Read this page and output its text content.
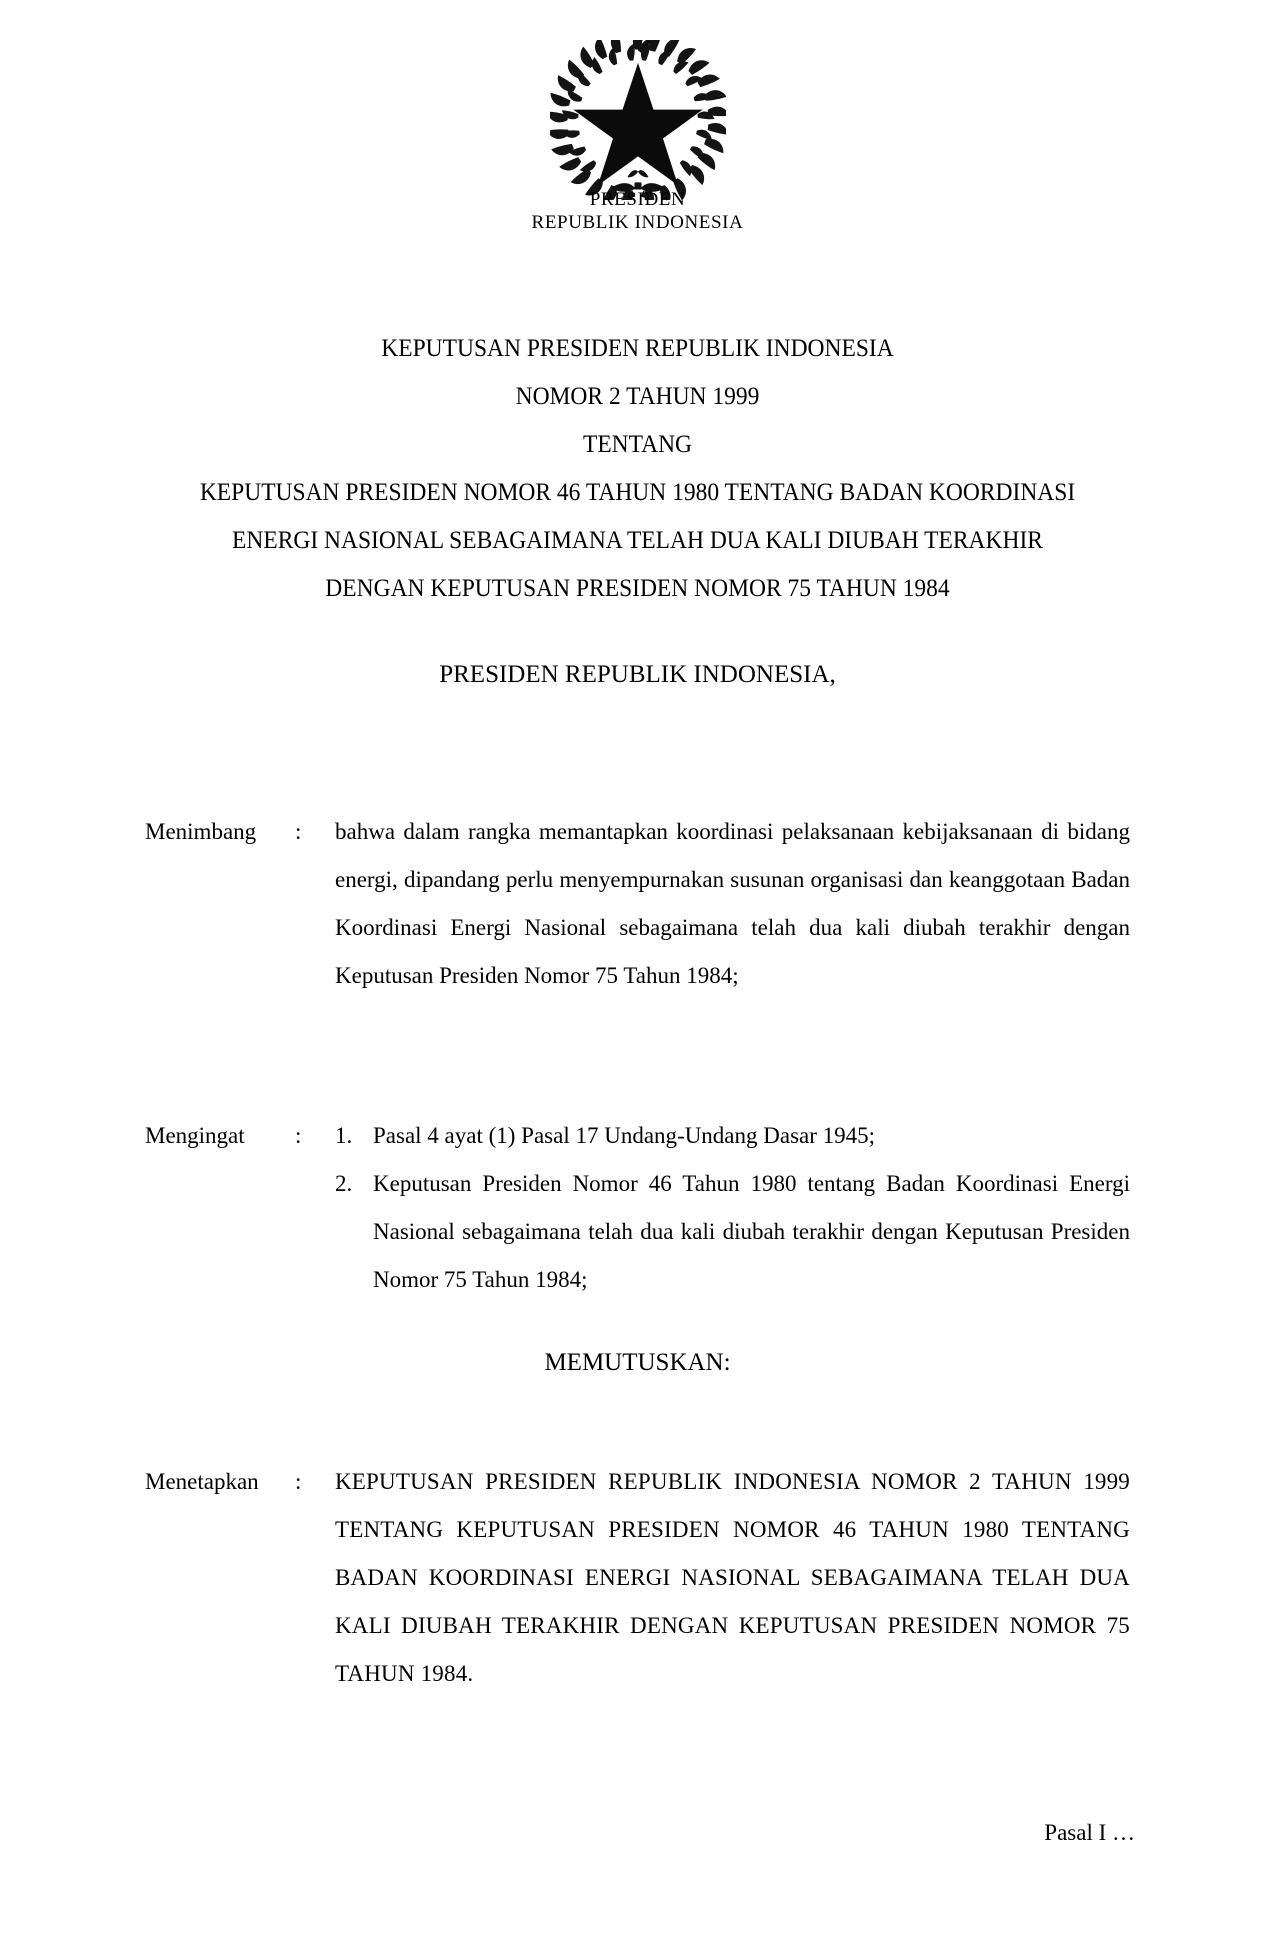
PRESIDEN
REPUBLIK INDONESIA
KEPUTUSAN PRESIDEN REPUBLIK INDONESIA
NOMOR 2 TAHUN 1999
TENTANG
KEPUTUSAN PRESIDEN NOMOR 46 TAHUN 1980 TENTANG BADAN KOORDINASI
ENERGI NASIONAL SEBAGAIMANA TELAH DUA KALI DIUBAH TERAKHIR
DENGAN KEPUTUSAN PRESIDEN NOMOR 75 TAHUN 1984
PRESIDEN REPUBLIK INDONESIA,
Menimbang	:	bahwa dalam rangka memantapkan koordinasi pelaksanaan kebijaksanaan di bidang energi, dipandang perlu menyempurnakan susunan organisasi dan keanggotaan Badan Koordinasi Energi Nasional sebagaimana telah dua kali diubah terakhir dengan Keputusan Presiden Nomor 75 Tahun 1984;
Mengingat	:	1. Pasal 4 ayat (1) Pasal 17 Undang-Undang Dasar 1945;
2. Keputusan Presiden Nomor 46 Tahun 1980 tentang Badan Koordinasi Energi Nasional sebagaimana telah dua kali diubah terakhir dengan Keputusan Presiden Nomor 75 Tahun 1984;
MEMUTUSKAN:
Menetapkan	:	KEPUTUSAN PRESIDEN REPUBLIK INDONESIA NOMOR 2 TAHUN 1999 TENTANG KEPUTUSAN PRESIDEN NOMOR 46 TAHUN 1980 TENTANG BADAN KOORDINASI ENERGI NASIONAL SEBAGAIMANA TELAH DUA KALI DIUBAH TERAKHIR DENGAN KEPUTUSAN PRESIDEN NOMOR 75 TAHUN 1984.
Pasal I …
